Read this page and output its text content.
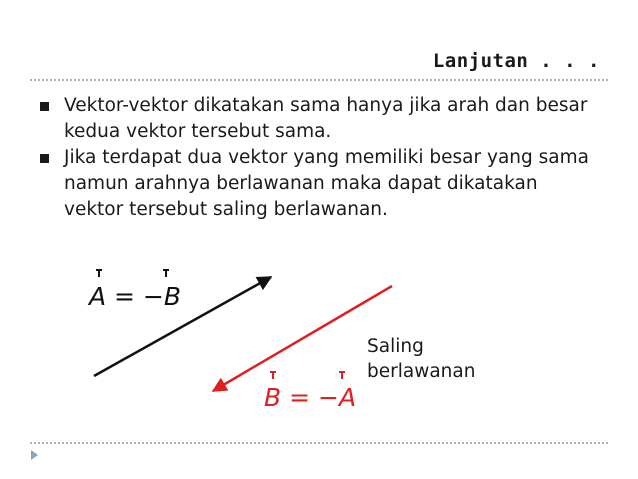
Lanjutan . . .
Vektor-vektor dikatakan sama hanya jika arah dan besar kedua vektor tersebut sama.
Jika terdapat dua vektor yang memiliki besar yang sama namun arahnya berlawanan maka dapat dikatakan vektor tersebut saling berlawanan.
A = −B
B = −A
Saling
berlawanan
